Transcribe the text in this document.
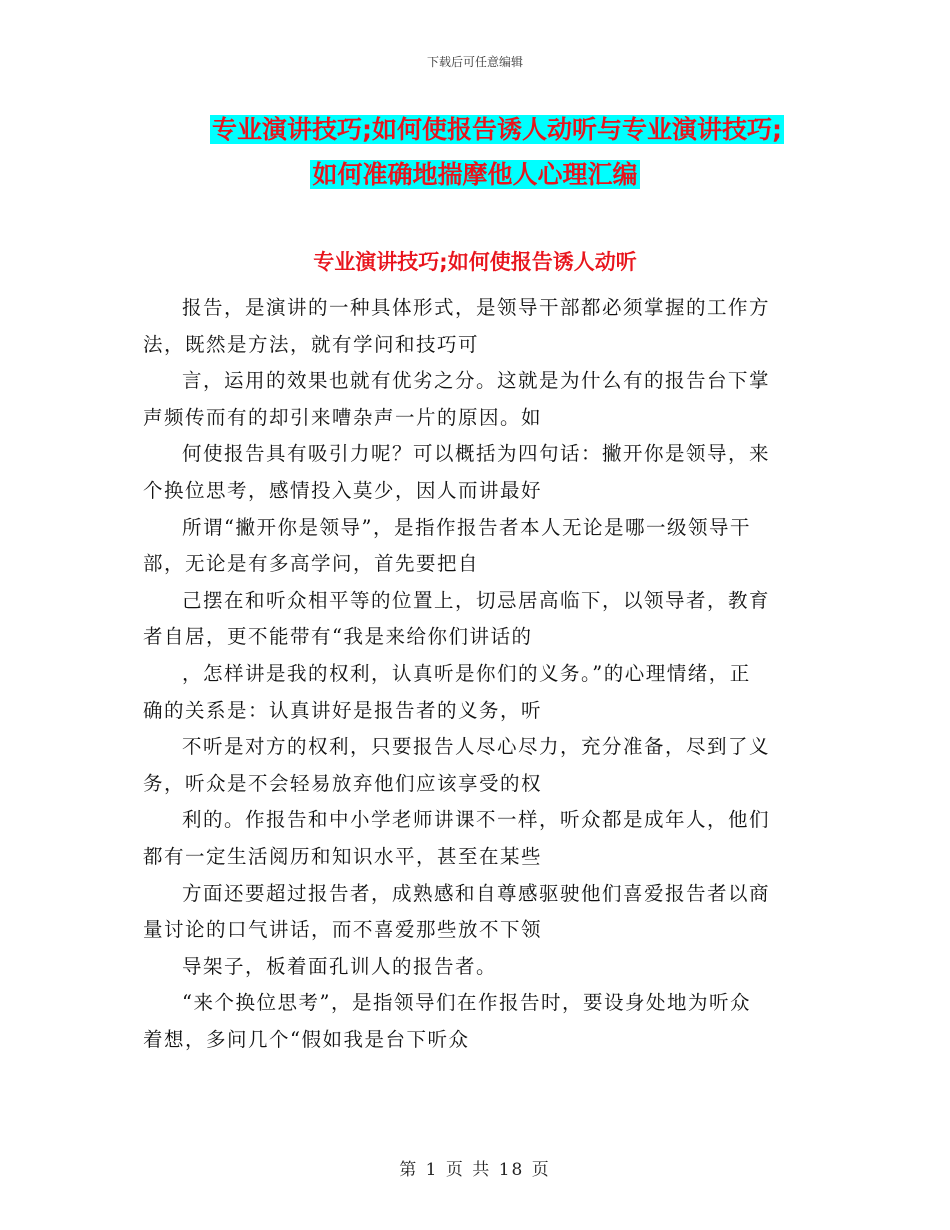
下载后可任意编辑
专业演讲技巧;如何使报告诱人动听与专业演讲技巧;
如何准确地揣摩他人心理汇编
专业演讲技巧;如何使报告诱人动听

报告，是演讲的一种具体形式，是领导干部都必须掌握的工作方
法，既然是方法，就有学问和技巧可

言，运用的效果也就有优劣之分。这就是为什么有的报告台下掌
声频传而有的却引来嘈杂声一片的原因。如

何使报告具有吸引力呢？可以概括为四句话：撇开你是领导，来
个换位思考，感情投入莫少，因人而讲最好

所谓“撇开你是领导”，是指作报告者本人无论是哪一级领导干
部，无论是有多高学问，首先要把自

己摆在和听众相平等的位置上，切忌居高临下，以领导者，教育
者自居，更不能带有“我是来给你们讲话的

，怎样讲是我的权利，认真听是你们的义务。”的心理情绪，正
确的关系是：认真讲好是报告者的义务，听

不听是对方的权利，只要报告人尽心尽力，充分准备，尽到了义
务，听众是不会轻易放弃他们应该享受的权

利的。作报告和中小学老师讲课不一样，听众都是成年人，他们
都有一定生活阅历和知识水平，甚至在某些

方面还要超过报告者，成熟感和自尊感驱驶他们喜爱报告者以商
量讨论的口气讲话，而不喜爱那些放不下领

导架子，板着面孔训人的报告者。

“来个换位思考”，是指领导们在作报告时，要设身处地为听众
着想，多问几个“假如我是台下听众

第 1 页 共 18 页
